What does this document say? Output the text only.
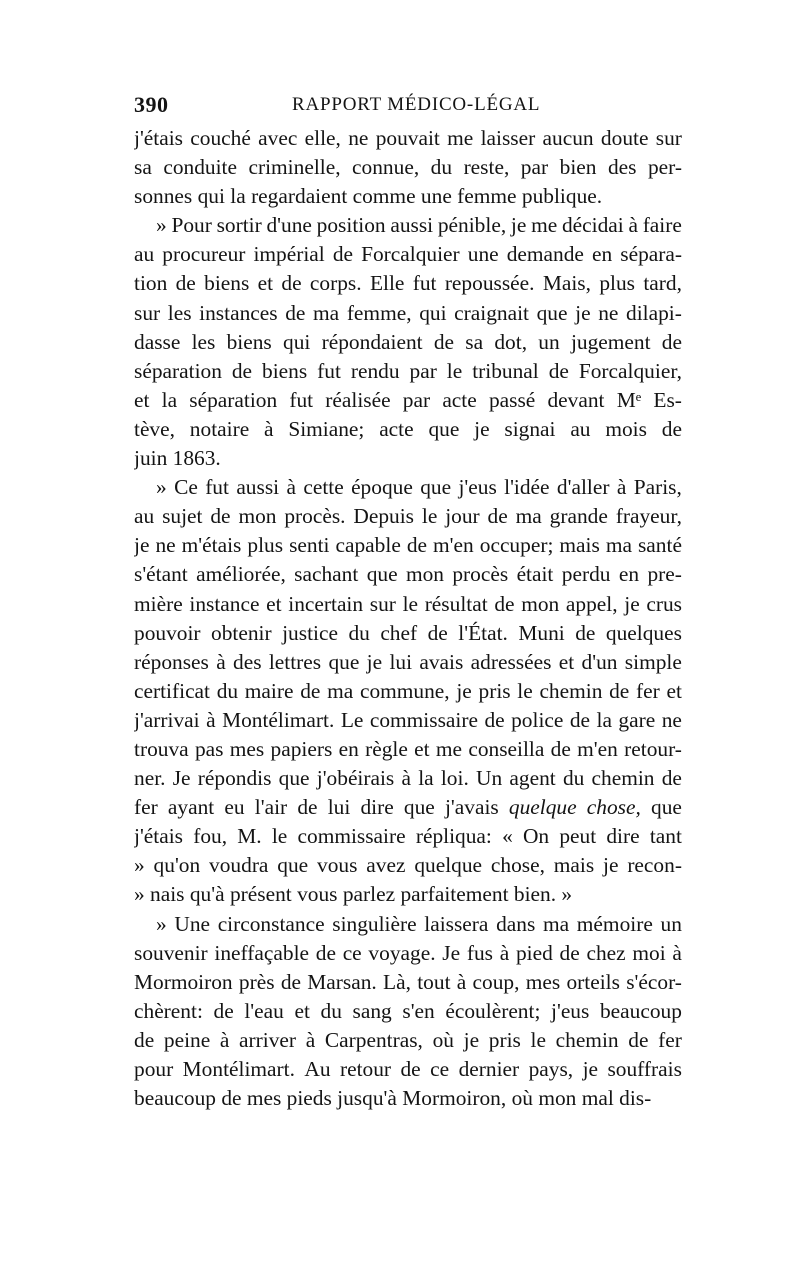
390	RAPPORT MÉDICO-LÉGAL
j'étais couché avec elle, ne pouvait me laisser aucun doute sur
sa conduite criminelle, connue, du reste, par bien des per-
sonnes qui la regardaient comme une femme publique.
» Pour sortir d'une position aussi pénible, je me décidai à faire
au procureur impérial de Forcalquier une demande en sépara-
tion de biens et de corps. Elle fut repoussée. Mais, plus tard,
sur les instances de ma femme, qui craignait que je ne dilapi-
dasse les biens qui répondaient de sa dot, un jugement de
séparation de biens fut rendu par le tribunal de Forcalquier,
et la séparation fut réalisée par acte passé devant Mᵉ Es-
tève, notaire à Simiane; acte que je signai au mois de
juin 1863.
» Ce fut aussi à cette époque que j'eus l'idée d'aller à Paris,
au sujet de mon procès. Depuis le jour de ma grande frayeur,
je ne m'étais plus senti capable de m'en occuper; mais ma santé
s'étant améliorée, sachant que mon procès était perdu en pre-
mière instance et incertain sur le résultat de mon appel, je crus
pouvoir obtenir justice du chef de l'État. Muni de quelques
réponses à des lettres que je lui avais adressées et d'un simple
certificat du maire de ma commune, je pris le chemin de fer et
j'arrivai à Montélimart. Le commissaire de police de la gare ne
trouva pas mes papiers en règle et me conseilla de m'en retour-
ner. Je répondis que j'obéirais à la loi. Un agent du chemin de
fer ayant eu l'air de lui dire que j'avais quelque chose, que
j'étais fou, M. le commissaire répliqua: « On peut dire tant
» qu'on voudra que vous avez quelque chose, mais je recon-
» nais qu'à présent vous parlez parfaitement bien. »
» Une circonstance singulière laissera dans ma mémoire un
souvenir ineffaçable de ce voyage. Je fus à pied de chez moi à
Mormoiron près de Marsan. Là, tout à coup, mes orteils s'écor-
chèrent: de l'eau et du sang s'en écoulèrent; j'eus beaucoup
de peine à arriver à Carpentras, où je pris le chemin de fer
pour Montélimart. Au retour de ce dernier pays, je souffrais
beaucoup de mes pieds jusqu'à Mormoiron, où mon mal dis-
